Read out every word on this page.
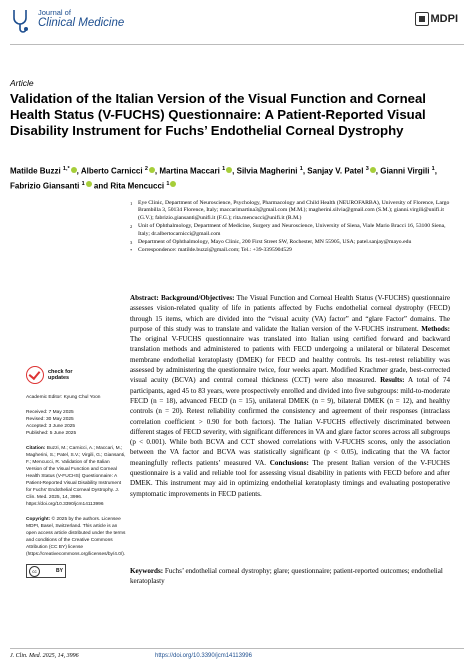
Journal of
Clinical Medicine	MDPI
Article
Validation of the Italian Version of the Visual Function and Corneal Health Status (V-FUCHS) Questionnaire: A Patient-Reported Visual Disability Instrument for Fuchs’ Endothelial Corneal Dystrophy
Matilde Buzzi $^{1,*}$ , Alberto Carnicci $^2$ , Martina Maccari $^1$ , Silvia Magherini $^1$, Sanjay V. Patel $^3$ , Gianni Virgili $^1$, Fabrizio Giansanti $^1$ and Rita Mencucci $^1$
1	Eye Clinic, Department of Neuroscience, Psychology, Pharmacology and Child Health (NEUROFARBA), University of Florence, Largo Brambilla 3, 50134 Florence, Italy; maccarimartina3@gmail.com (M.M.); magherini.silvia@gmail.com (S.M.); gianni.virgili@unifi.it (G.V.); fabrizio.giansanti@unifi.it (F.G.); rita.mencucci@unifi.it (R.M.)
2	Unit of Ophthalmology, Department of Medicine, Surgery and Neuroscience, University of Siena, Viale Mario Bracci 16, 53100 Siena, Italy; dr.albertocarnicci@gmail.com
3	Department of Ophthalmology, Mayo Clinic, 200 First Street SW, Rochester, MN 55905, USA; patel.sanjay@mayo.edu
*	Correspondence: matilde.buzzi@gmail.com; Tel.: +39-3395904529
check for
updates
Academic Editor: Kyung Chul Yoon
Received: 7 May 2025
Revised: 30 May 2025
Accepted: 3 June 2025
Published: 5 June 2025
Citation: Buzzi, M.; Carnicci, A.; Maccari, M.; Magherini, S.; Patel, S.V.; Virgili, G.; Giansanti, F.; Mencucci, R. Validation of the Italian Version of the Visual Function and Corneal Health Status (V-FUCHS) Questionnaire: A Patient-Reported Visual Disability Instrument for Fuchs’ Endothelial Corneal Dystrophy. J. Clin. Med. 2025, 14, 3996. https://doi.org/10.3390/jcm14113996
Copyright: © 2025 by the authors. Licensee MDPI, Basel, Switzerland. This article is an open access article distributed under the terms and conditions of the Creative Commons Attribution (CC BY) license (https://creativecommons.org/licenses/by/4.0/).
cc	BY
Abstract: Background/Objectives: The Visual Function and Corneal Health Status (V-FUCHS) questionnaire assesses vision-related quality of life in patients affected by Fuchs endothelial corneal dystrophy (FECD) through 15 items, which are divided into the “visual acuity (VA) factor” and “glare Factor” domains. The purpose of this study was to translate and validate the Italian version of the V-FUCHS instrument. Methods: The original V-FUCHS questionnaire was translated into Italian using certified forward and backward translation methods and administered to patients with FECD undergoing a unilateral or bilateral Descemet membrane endothelial keratoplasty (DMEK) for FECD and healthy controls. Its test–retest reliability was assessed by administering the questionnaire twice, four weeks apart. Modified Krachmer grade, best-corrected visual acuity (BCVA) and central corneal thickness (CCT) were also measured. Results: A total of 74 participants, aged 45 to 83 years, were prospectively enrolled and divided into five subgroups: mild-to-moderate FECD (n = 18), advanced FECD (n = 15), unilateral DMEK (n = 9), bilateral DMEK (n = 12), and healthy controls (n = 20). Retest reliability confirmed the consistency and agreement of their responses (intraclass correlation coefficient > 0.90 for both factors). The Italian V-FUCHS effectively discriminated between different stages of FECD severity, with significant differences in VA and glare factor scores across all subgroups (p < 0.001). While both BCVA and CCT showed correlations with V-FUCHS scores, only the association between the VA factor and BCVA was statistically significant (p < 0.05), indicating that the VA factor meaningfully reflects patients’ measured VA. Conclusions: The present Italian version of the V-FUCHS questionnaire is a valid and reliable tool for assessing visual disability in patients with FECD before and after DMEK. This instrument may aid in optimizing endothelial keratoplasty timings and evaluating postoperative symptomatic improvements in FECD patients.
Keywords: Fuchs’ endothelial corneal dystrophy; glare; questionnaire; patient-reported outcomes; endothelial keratoplasty
J. Clin. Med. 2025, 14, 3996	https://doi.org/10.3390/jcm14113996
